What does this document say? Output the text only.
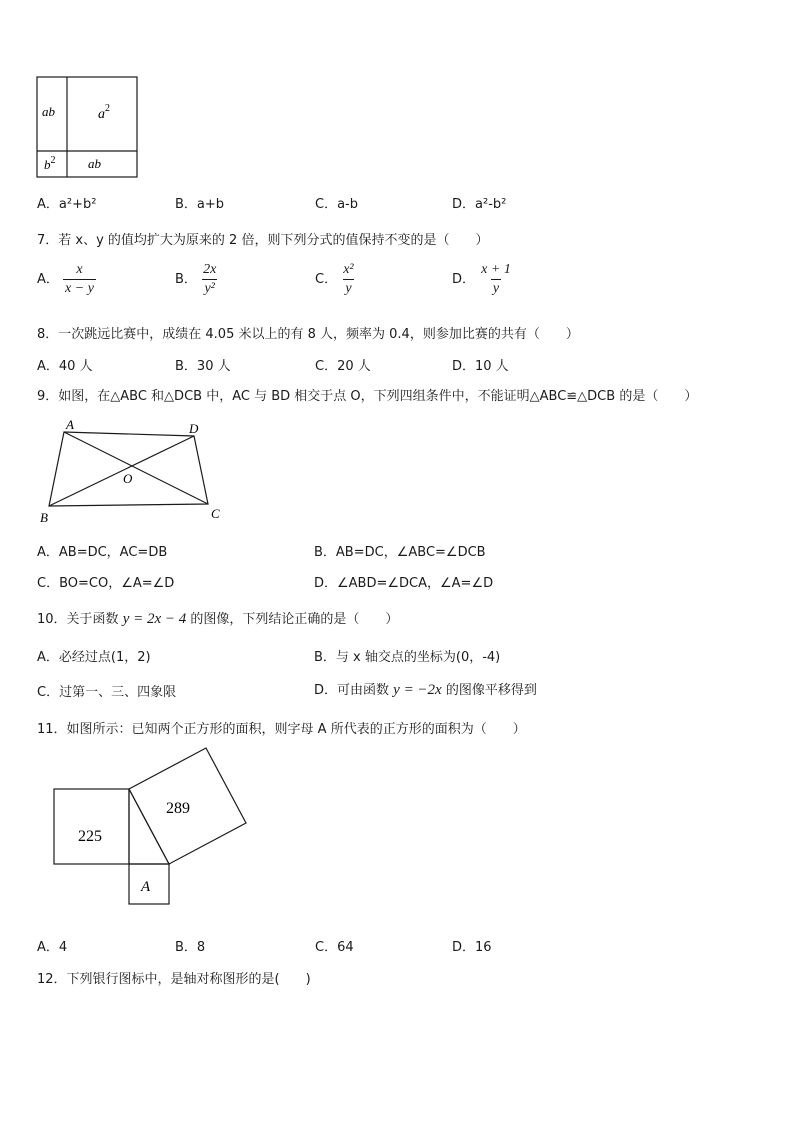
ab	$a^2$
$b^2$	ab
A．a²+b²	B．a+b	C．a-b	D．a²-b²
7．若 x、y 的值均扩大为原来的 2 倍，则下列分式的值保持不变的是（　　）
A． $\frac{x}{x - y}$	B． $\frac{2x}{\text{y²}}$	C． $\frac{\text{x²}}{y}$	D． $\frac{x + 1}{y}$
8．一次跳远比赛中，成绩在 4.05 米以上的有 8 人，频率为 0.4，则参加比赛的共有（　　）
A．40 人	B．30 人	C．20 人	D．10 人
9．如图，在△ABC 和△DCB 中，AC 与 BD 相交于点 O，下列四组条件中，不能证明△ABC≌△DCB 的是（　　）
A	D
O
B	C
A．AB=DC，AC=DB	B．AB=DC，∠ABC=∠DCB
C．BO=CO，∠A=∠D	D．∠ABD=∠DCA，∠A=∠D
10．关于函数 y = 2x − 4 的图像，下列结论正确的是（　　）
A．必经过点(1，2)	B．与 x 轴交点的坐标为(0，-4)
C．过第一、三、四象限	D．可由函数 y = −2x 的图像平移得到
11．如图所示：已知两个正方形的面积，则字母 A 所代表的正方形的面积为（　　）
225
289
A
A．4	B．8	C．64	D．16
12．下列银行图标中，是轴对称图形的是(　　)
